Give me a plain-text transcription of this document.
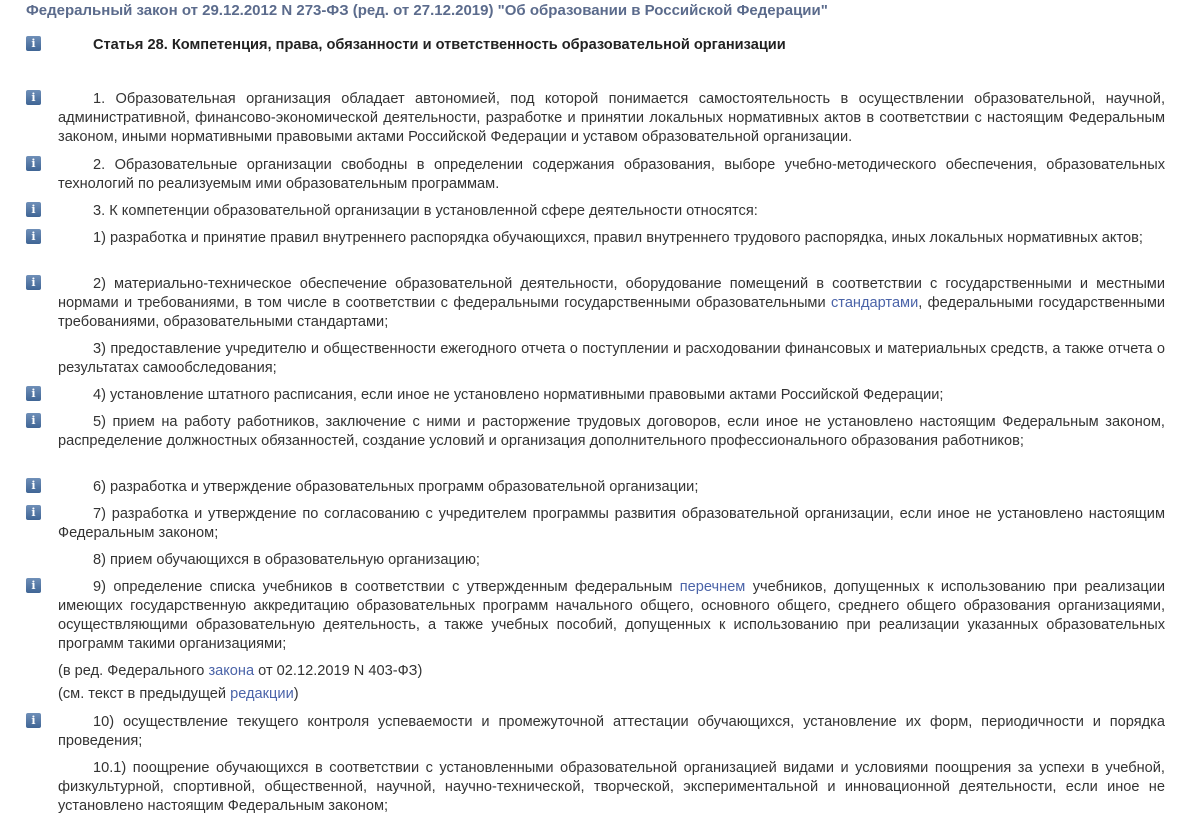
Федеральный закон от 29.12.2012 N 273-ФЗ (ред. от 27.12.2019) "Об образовании в Российской Федерации"
i	Статья 28. Компетенция, права, обязанности и ответственность образовательной организации

i	1. Образовательная организация обладает автономией, под которой понимается самостоятельность в осуществлении образовательной, научной, административной, финансово-экономической деятельности, разработке и принятии локальных нормативных актов в соответствии с настоящим Федеральным законом, иными нормативными правовыми актами Российской Федерации и уставом образовательной организации.

i	2. Образовательные организации свободны в определении содержания образования, выборе учебно-методического обеспечения, образовательных технологий по реализуемым ими образовательным программам.

i	3. К компетенции образовательной организации в установленной сфере деятельности относятся:

i	1) разработка и принятие правил внутреннего распорядка обучающихся, правил внутреннего трудового распорядка, иных локальных нормативных актов;

i	2) материально-техническое обеспечение образовательной деятельности, оборудование помещений в соответствии с государственными и местными нормами и требованиями, в том числе в соответствии с федеральными государственными образовательными стандартами, федеральными государственными требованиями, образовательными стандартами;

3) предоставление учредителю и общественности ежегодного отчета о поступлении и расходовании финансовых и материальных средств, а также отчета о результатах самообследования;

i	4) установление штатного расписания, если иное не установлено нормативными правовыми актами Российской Федерации;

i	5) прием на работу работников, заключение с ними и расторжение трудовых договоров, если иное не установлено настоящим Федеральным законом, распределение должностных обязанностей, создание условий и организация дополнительного профессионального образования работников;

i	6) разработка и утверждение образовательных программ образовательной организации;

i	7) разработка и утверждение по согласованию с учредителем программы развития образовательной организации, если иное не установлено настоящим Федеральным законом;

8) прием обучающихся в образовательную организацию;

i	9) определение списка учебников в соответствии с утвержденным федеральным перечнем учебников, допущенных к использованию при реализации имеющих государственную аккредитацию образовательных программ начального общего, основного общего, среднего общего образования организациями, осуществляющими образовательную деятельность, а также учебных пособий, допущенных к использованию при реализации указанных образовательных программ такими организациями;

(в ред. Федерального закона от 02.12.2019 N 403-ФЗ)

(см. текст в предыдущей редакции)

i	10) осуществление текущего контроля успеваемости и промежуточной аттестации обучающихся, установление их форм, периодичности и порядка проведения;

10.1) поощрение обучающихся в соответствии с установленными образовательной организацией видами и условиями поощрения за успехи в учебной, физкультурной, спортивной, общественной, научной, научно-технической, творческой, экспериментальной и инновационной деятельности, если иное не установлено настоящим Федеральным законом;
